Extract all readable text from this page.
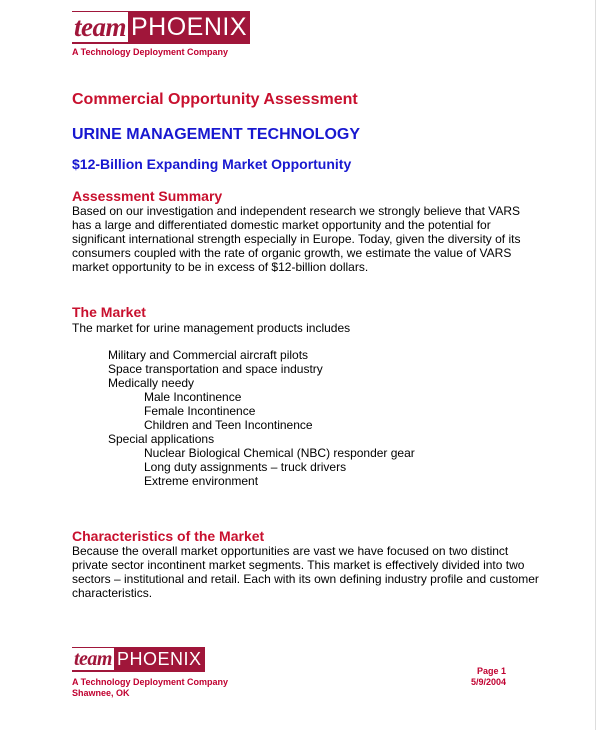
team PHOENIX
A Technology Deployment Company
Commercial Opportunity Assessment
URINE MANAGEMENT TECHNOLOGY
$12-Billion Expanding Market Opportunity
Assessment Summary
Based on our investigation and independent research we strongly believe that VARS
has a large and differentiated domestic market opportunity and the potential for
significant international strength especially in Europe. Today, given the diversity of its
consumers coupled with the rate of organic growth, we estimate the value of VARS
market opportunity to be in excess of $12-billion dollars.
The Market
The market for urine management products includes
Military and Commercial aircraft pilots
Space transportation and space industry
Medically needy
Male Incontinence
Female Incontinence
Children and Teen Incontinence
Special applications
Nuclear Biological Chemical (NBC) responder gear
Long duty assignments – truck drivers
Extreme environment
Characteristics of the Market
Because the overall market opportunities are vast we have focused on two distinct
private sector incontinent market segments. This market is effectively divided into two
sectors – institutional and retail. Each with its own defining industry profile and customer
characteristics.
team PHOENIX
A Technology Deployment Company
Shawnee, OK
Page 1
5/9/2004
